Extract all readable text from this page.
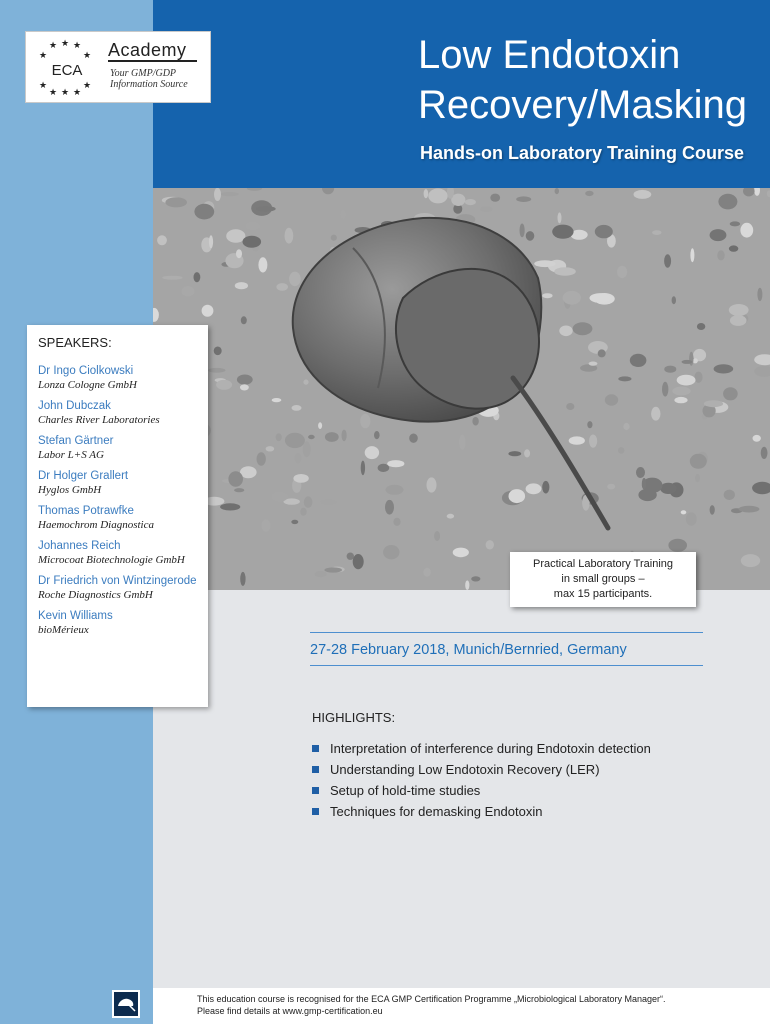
Low Endotoxin
Recovery/Masking
Hands-on Laboratory Training Course
★ ★ ★
★	★
★	★
★ ★ ★
ECA
Academy
Your GMP/GDP
Information Source
SPEAKERS:
Dr Ingo Ciolkowski
Lonza Cologne GmbH
John Dubczak
Charles River Laboratories
Stefan Gärtner
Labor L+S AG
Dr Holger Grallert
Hyglos GmbH
Thomas Potrawfke
Haemochrom Diagnostica
Johannes Reich
Microcoat Biotechnologie GmbH
Dr Friedrich von Wintzingerode
Roche Diagnostics GmbH
Kevin Williams
bioMérieux
Practical Laboratory Training
in small groups –
max 15 participants.
27-28 February 2018, Munich/Bernried, Germany
HIGHLIGHTS:
Interpretation of interference during Endotoxin detection
Understanding Low Endotoxin Recovery (LER)
Setup of hold-time studies
Techniques for demasking Endotoxin
This education course is recognised for the ECA GMP Certification Programme „Microbiological Laboratory Manager“.
Please find details at www.gmp-certification.eu
